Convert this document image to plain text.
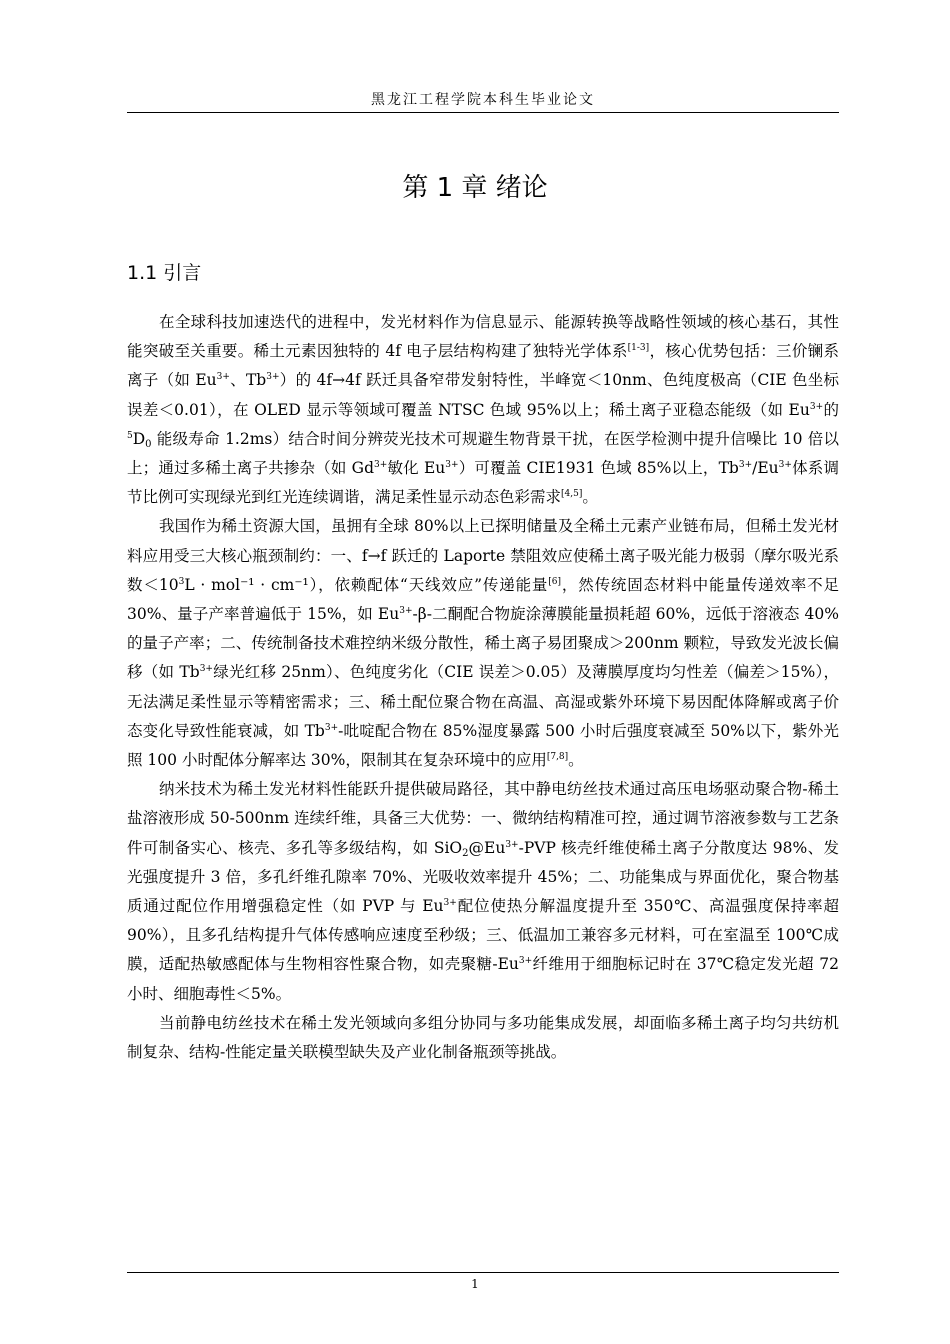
黑龙江工程学院本科生毕业论文
第 1 章 绪论
1.1 引言

在全球科技加速迭代的进程中，发光材料作为信息显示、能源转换等战略性领域的核心基石，其性能突破至关重要。稀土元素因独特的 4f 电子层结构构建了独特光学体系[1-3]，核心优势包括：三价镧系离子（如 $Eu^{3+}$、$Tb^{3+}$）的 4f→4f 跃迁具备窄带发射特性，半峰宽＜10nm、色纯度极高（CIE 色坐标误差＜0.01），在 OLED 显示等领域可覆盖 NTSC 色域 95%以上；稀土离子亚稳态能级（如 $Eu^{3+}$的 $^5D_0$ 能级寿命 1.2ms）结合时间分辨荧光技术可规避生物背景干扰，在医学检测中提升信噪比 10 倍以上；通过多稀土离子共掺杂（如 $Gd^{3+}$敏化 $Eu^{3+}$）可覆盖 CIE1931 色域 85%以上，$Tb^{3+}/Eu^{3+}$体系调节比例可实现绿光到红光连续调谐，满足柔性显示动态色彩需求[4,5]。

我国作为稀土资源大国，虽拥有全球 80%以上已探明储量及全稀土元素产业链布局，但稀土发光材料应用受三大核心瓶颈制约：一、f→f 跃迁的 Laporte 禁阻效应使稀土离子吸光能力极弱（摩尔吸光系数$<10^3L \cdot mol^{-1} \cdot cm^{-1}$），依赖配体“天线效应”传递能量[6]，然传统固态材料中能量传递效率不足 30%、量子产率普遍低于 15%，如 $Eu^{3+}-\beta-$二酮配合物旋涂薄膜能量损耗超 60%，远低于溶液态 40%的量子产率；二、传统制备技术难控纳米级分散性，稀土离子易团聚成＞200nm 颗粒，导致发光波长偏移（如 $Tb^{3+}$绿光红移 25nm）、色纯度劣化（CIE 误差＞0.05）及薄膜厚度均匀性差（偏差＞15%），无法满足柔性显示等精密需求；三、稀土配位聚合物在高温、高湿或紫外环境下易因配体降解或离子价态变化导致性能衰减，如 $Tb^{3+}-$吡啶配合物在 85%湿度暴露 500 小时后强度衰减至 50%以下，紫外光照 100 小时配体分解率达 30%，限制其在复杂环境中的应用[7,8]。

纳米技术为稀土发光材料性能跃升提供破局路径，其中静电纺丝技术通过高压电场驱动聚合物-稀土盐溶液形成 50-500nm 连续纤维，具备三大优势：一、微纳结构精准可控，通过调节溶液参数与工艺条件可制备实心、核壳、多孔等多级结构，如 $SiO_2@Eu^{3+}$-PVP 核壳纤维使稀土离子分散度达 98%、发光强度提升 3 倍，多孔纤维孔隙率 70%、光吸收效率提升 45%；二、功能集成与界面优化，聚合物基质通过配位作用增强稳定性（如 PVP 与 $Eu^{3+}$配位使热分解温度提升至 350℃、高温强度保持率超 90%），且多孔结构提升气体传感响应速度至秒级；三、低温加工兼容多元材料，可在室温至 100℃成膜，适配热敏感配体与生物相容性聚合物，如壳聚糖$-Eu^{3+}$纤维用于细胞标记时在 37℃稳定发光超 72 小时、细胞毒性＜5%。

当前静电纺丝技术在稀土发光领域向多组分协同与多功能集成发展，却面临多稀土离子均匀共纺机制复杂、结构-性能定量关联模型缺失及产业化制备瓶颈等挑战。

1
